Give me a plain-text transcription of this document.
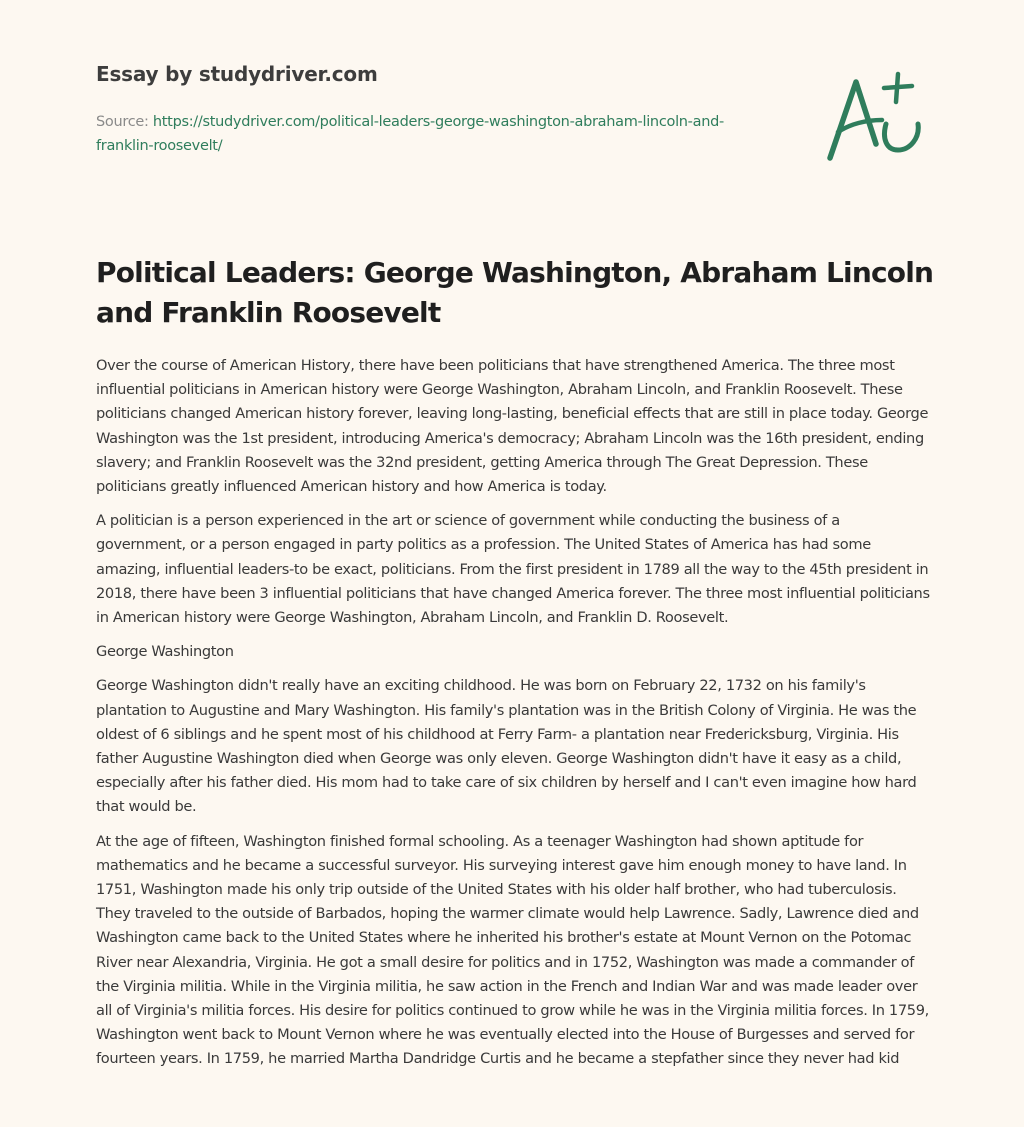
Essay by studydriver.com
Source: https://studydriver.com/political-leaders-george-washington-abraham-lincoln-and-franklin-roosevelt/
Political Leaders: George Washington, Abraham Lincoln and Franklin Roosevelt

Over the course of American History, there have been politicians that have strengthened America. The three most influential politicians in American history were George Washington, Abraham Lincoln, and Franklin Roosevelt. These politicians changed American history forever, leaving long-lasting, beneficial effects that are still in place today. George Washington was the 1st president, introducing America's democracy; Abraham Lincoln was the 16th president, ending slavery; and Franklin Roosevelt was the 32nd president, getting America through The Great Depression. These politicians greatly influenced American history and how America is today.

A politician is a person experienced in the art or science of government while conducting the business of a government, or a person engaged in party politics as a profession. The United States of America has had some amazing, influential leaders-to be exact, politicians. From the first president in 1789 all the way to the 45th president in 2018, there have been 3 influential politicians that have changed America forever. The three most influential politicians in American history were George Washington, Abraham Lincoln, and Franklin D. Roosevelt.

George Washington

George Washington didn't really have an exciting childhood. He was born on February 22, 1732 on his family's plantation to Augustine and Mary Washington. His family's plantation was in the British Colony of Virginia. He was the oldest of 6 siblings and he spent most of his childhood at Ferry Farm- a plantation near Fredericksburg, Virginia. His father Augustine Washington died when George was only eleven. George Washington didn't have it easy as a child, especially after his father died. His mom had to take care of six children by herself and I can't even imagine how hard that would be.

At the age of fifteen, Washington finished formal schooling. As a teenager Washington had shown aptitude for mathematics and he became a successful surveyor. His surveying interest gave him enough money to have land. In 1751, Washington made his only trip outside of the United States with his older half brother, who had tuberculosis. They traveled to the outside of Barbados, hoping the warmer climate would help Lawrence. Sadly, Lawrence died and Washington came back to the United States where he inherited his brother's estate at Mount Vernon on the Potomac River near Alexandria, Virginia. He got a small desire for politics and in 1752, Washington was made a commander of the Virginia militia. While in the Virginia militia, he saw action in the French and Indian War and was made leader over all of Virginia's militia forces. His desire for politics continued to grow while he was in the Virginia militia forces. In 1759, Washington went back to Mount Vernon where he was eventually elected into the House of Burgesses and served for fourteen years. In 1759, he married Martha Dandridge Curtis and he became a stepfather since they never had kid
